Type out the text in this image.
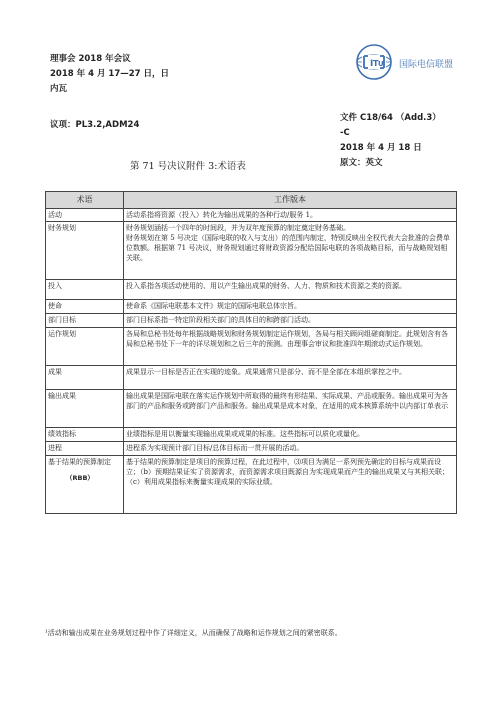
理事会 2018 年会议
2018 年 4 月 17—27 日，日
内瓦
I T U 国际电信联盟
议项：PL3.2,ADM24
文件 C18/64 （Add.3）
-C
2018 年 4 月 18 日
原文：英文
第 71 号决议附件 3:术语表
术语	工作版本
活动	活动系指将资源（投入）转化为输出成果的各种行动/服务 1。

财务规划	财务规划涵括一个四年的时间段，并为双年度预算的制定奠定财务基础。

财务规划在第 5 号决定（国际电联的收入与支出）的范围内制定，特别反映出全权代表大会批准的会费单位数额。根据第 71 号决议，财务规划通过将财政资源分配给国际电联的各项战略目标，而与战略规划相关联。

投入	投入系指各项活动使用的、用以产生输出成果的财务、人力、物质和技术资源之类的资源。

使命	使命系《国际电联基本文件》规定的国际电联总体宗旨。

部门目标	部门目标系指一特定阶段相关部门的具体目的和跨部门活动。

运作规划	各局和总秘书处每年根据战略规划和财务规划制定运作规划，各局与相关顾问组磋商制定。此规划含有各局和总秘书处下一年的详尽规划和之后三年的预测。由理事会审议和批准四年期滚动式运作规划。

成果	成果显示一目标是否正在实现的迹象。成果通常只是部分、而不是全部在本组织掌控之中。

输出成果	输出成果是国际电联在落实运作规划中所取得的最终有形结果、实际成果、产品或服务。输出成果可为各部门的产品和服务或跨部门产品和服务。输出成果是成本对象，在适用的成本核算系统中以内部订单表示

绩效指标	业绩指标是用以衡量实现输出成果或成果的标准。这些指标可以质化或量化。

进程	进程系为实现预计部门目标/总体目标而一贯开展的活动。

基于结果的预算制定
（RBB）	基于结果的预算制定是项目的预算过程，在此过程中，⑶项目为满足一系列预先确定的目标与成果而设立；（b）预期结果证实了资源需求，而资源需求项目既源自为实现成果而产生的输出成果又与其相关联；（c）利用成果指标来衡量实现成果的实际业绩。

¹活动和输出成果在业务规划过程中作了详细定义，从而确保了战略和运作规划之间的紧密联系。
